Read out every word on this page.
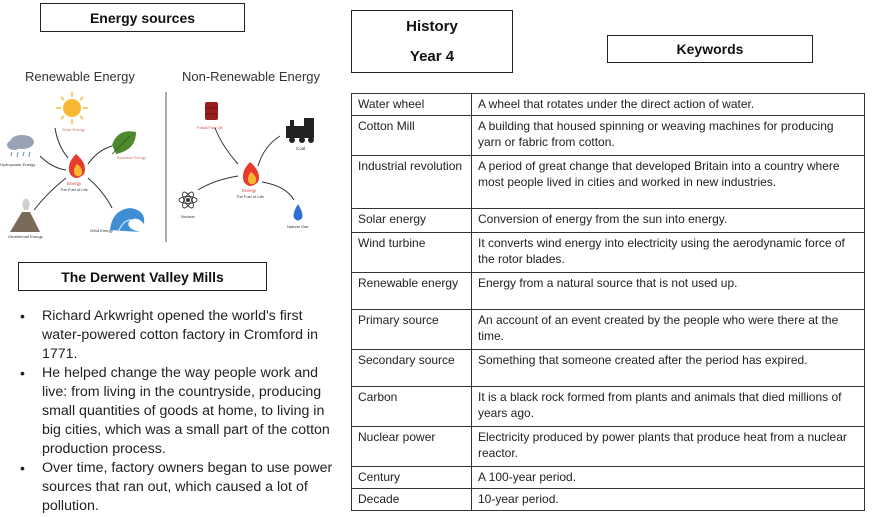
Energy sources
Renewable Energy	Non-Renewable Energy
Solar Energy
Biomass Energy
Hydropower Energy
Energy
The Fuel of Life
Geothermal Energy
Wind Energy
Fossil Fuel Oil
Coal
Energy
The Fuel of Life
Nuclear
Natural Gas
The Derwent Valley Mills
• Richard Arkwright opened the world's first water-powered cotton factory in Cromford in 1771.
• He helped change the way people work and live: from living in the countryside, producing small quantities of goods at home, to living in big cities, which was a small part of the cotton production process.
• Over time, factory owners began to use power sources that ran out, which caused a lot of pollution.
History
Year 4	Keywords
Water wheel	A wheel that rotates under the direct action of water.
Cotton Mill	A building that housed spinning or weaving machines for producing yarn or fabric from cotton.
Industrial revolution	A period of great change that developed Britain into a country where most people lived in cities and worked in new industries.
Solar energy	Conversion of energy from the sun into energy.
Wind turbine	It converts wind energy into electricity using the aerodynamic force of the rotor blades.
Renewable energy	Energy from a natural source that is not used up.
Primary source	An account of an event created by the people who were there at the time.
Secondary source	Something that someone created after the period has expired.
Carbon	It is a black rock formed from plants and animals that died millions of years ago.
Nuclear power	Electricity produced by power plants that produce heat from a nuclear reactor.
Century	A 100-year period.
Decade	10-year period.
